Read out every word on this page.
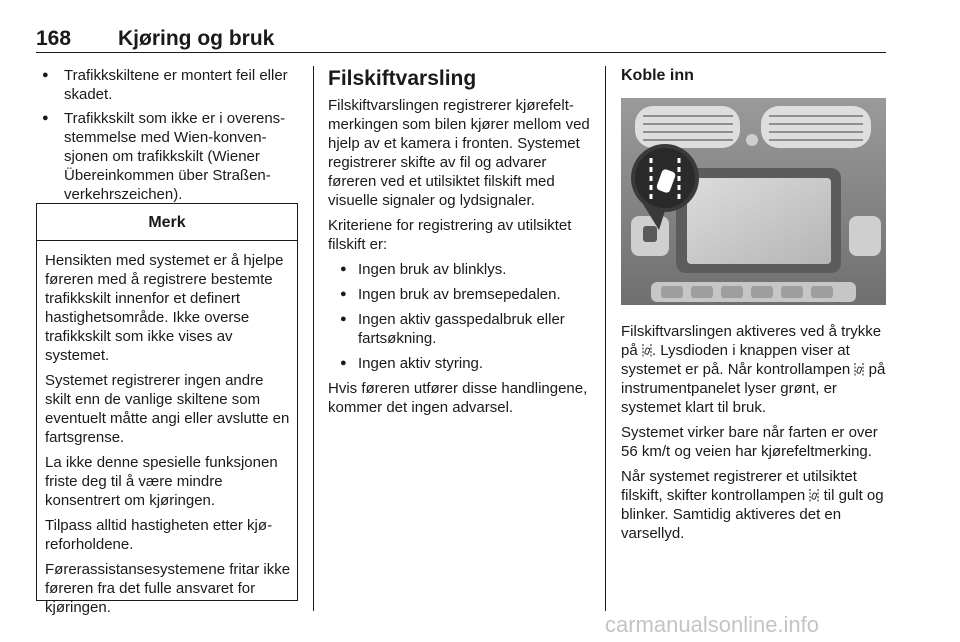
168 Kjøring og bruk
● Trafikkskiltene er montert feil eller skadet.
● Trafikkskilt som ikke er i overensstemmelse med Wien-konvensjonen om trafikkskilt (Wiener Übereinkommen über Straßenverkehrszeichen).
Merk

Hensikten med systemet er å hjelpe føreren med å registrere bestemte trafikkskilt innenfor et definert hastighetsområde. Ikke overse trafikkskilt som ikke vises av systemet.

Systemet registrerer ingen andre skilt enn de vanlige skiltene som eventuelt måtte angi eller avslutte en fartsgrense.

La ikke denne spesielle funksjonen friste deg til å være mindre konsentrert om kjøringen.

Tilpass alltid hastigheten etter kjøreforholdene.

Førerassistansesystemene fritar ikke føreren fra det fulle ansvaret for kjøringen.

Filskiftvarsling

Filskiftvarslingen registrerer kjørefeltmerkingen som bilen kjører mellom ved hjelp av et kamera i fronten. Systemet registrerer skifte av fil og advarer føreren ved et utilsiktet filskift med visuelle signaler og lydsignaler.

Kriteriene for registrering av utilsiktet filskift er:

● Ingen bruk av blinklys.
● Ingen bruk av bremsepedalen.
● Ingen aktiv gasspedalbruk eller fartsøkning.
● Ingen aktiv styring.

Hvis føreren utfører disse handlingene, kommer det ingen advarsel.

Koble inn

Filskiftvarslingen aktiveres ved å trykke på . Lysdioden i knappen viser at systemet er på. Når kontrollampen  på instrumentpanelet lyser grønt, er systemet klart til bruk.

Systemet virker bare når farten er over 56 km/t og veien har kjørefeltmerking.

Når systemet registrerer et utilsiktet filskift, skifter kontrollampen  til gult og blinker. Samtidig aktiveres det en varsellyd.

carmanualsonline.info
